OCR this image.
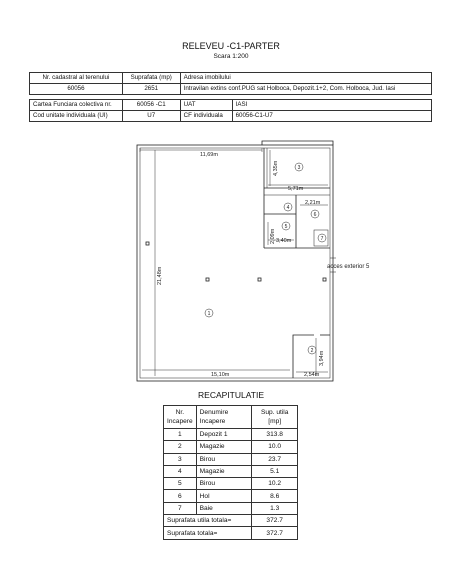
RELEVEU -C1-PARTER
Scara 1:200
Nr. cadastral al terenului	Suprafata (mp)	Adresa imobilului	
60056	2651	Intravilan extins conf.PUG sat Holboca, Depozit.1+2, Com. Holboca, Jud. Iasi	

Cartea Funciara colectiva nr.	60056 -C1	UAT	IASI
Cod unitate individuala (UI)	U7	CF individuala	60056-C1-U7
11,69m
4,35m
5,71m
2,21m
2,09m 3,40m
21,48m
15,10m
3,94m
2,54m
acces exterior 5
1
2
3
4
5
6
7
RECAPITULATIE
Nr. Incapere	Denumire Incapere	Sup. utila [mp]
1	Depozit 1	313.8
2	Magazie	10.0
3	Birou	23.7
4	Magazie	5.1
5	Birou	10.2
6	Hol	8.6
7	Baie	1.3
Suprafata utila totala=		372.7
Suprafata totala=		372.7
